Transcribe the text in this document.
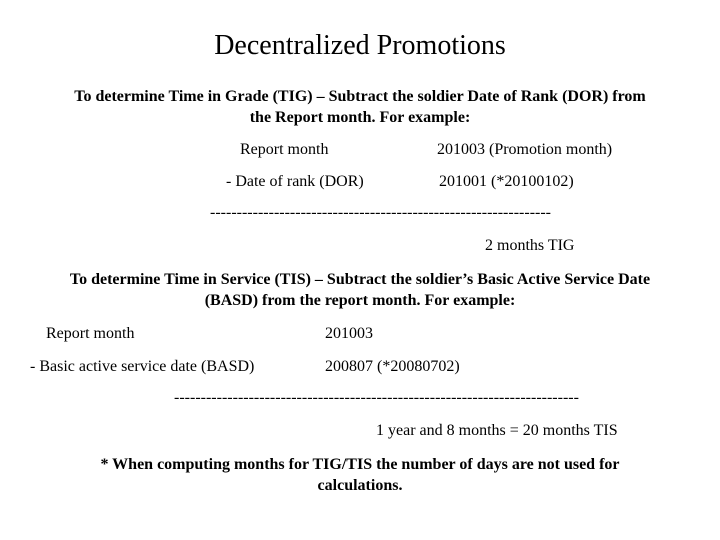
Decentralized Promotions
To determine Time in Grade (TIG) – Subtract the soldier Date of Rank (DOR) from
the Report month. For example:
Report month	201003 (Promotion month)
- Date of rank (DOR)	201001 (*20100102)
----------------------------------------------------------------
2 months TIG
To determine Time in Service (TIS) – Subtract the soldier’s Basic Active Service Date
(BASD) from the report month. For example:
Report month	201003
- Basic active service date (BASD)	200807 (*20080702)
----------------------------------------------------------------------------
1 year and 8 months = 20 months TIS
* When computing months for TIG/TIS the number of days are not used for
calculations.
